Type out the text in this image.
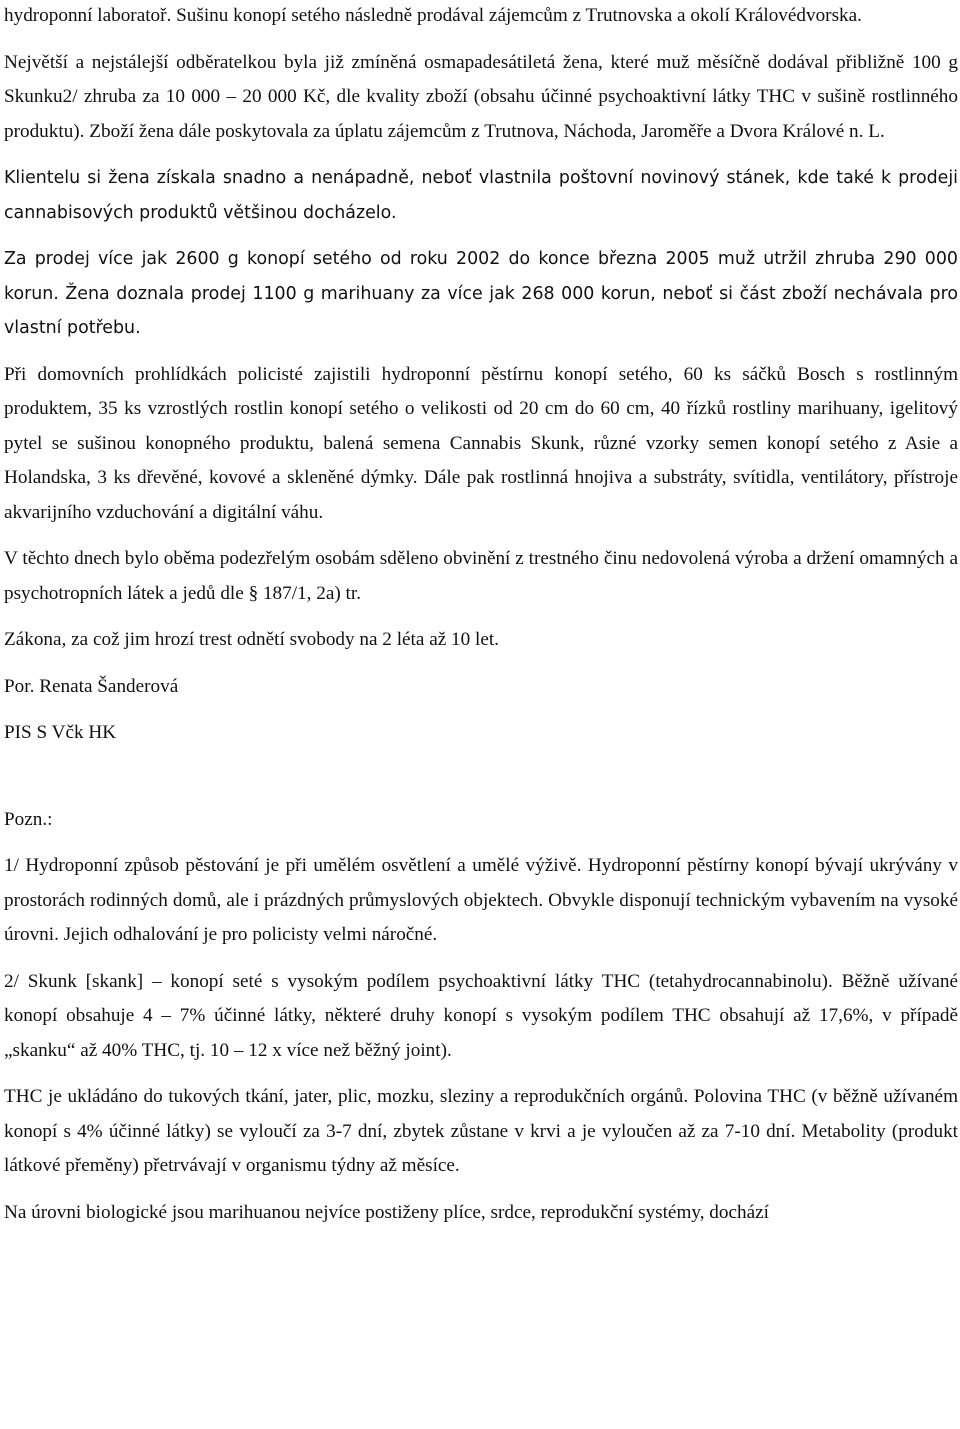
hydroponní laboratoř. Sušinu konopí setého následně prodával zájemcům z Trutnovska a okolí Královédvorska.

Největší a nejstálejší odběratelkou byla již zmíněná osmapadesátiletá žena, které muž měsíčně dodával přibližně 100 g Skunku2/ zhruba za 10 000 – 20 000 Kč, dle kvality zboží (obsahu účinné psychoaktivní látky THC v sušině rostlinného produktu). Zboží žena dále poskytovala za úplatu zájemcům z Trutnova, Náchoda, Jaroměře a Dvora Králové n. L.

Klientelu si žena získala snadno a nenápadně, neboť vlastnila poštovní novinový stánek, kde také k prodeji cannabisových produktů většinou docházelo.

Za prodej více jak 2600 g konopí setého od roku 2002 do konce března 2005 muž utržil zhruba 290 000 korun. Žena doznala prodej 1100 g marihuany za více jak 268 000 korun, neboť si část zboží nechávala pro vlastní potřebu.

Při domovních prohlídkách policisté zajistili hydroponní pěstírnu konopí setého, 60 ks sáčků Bosch s rostlinným produktem, 35 ks vzrostlých rostlin konopí setého o velikosti od 20 cm do 60 cm, 40 řízků rostliny marihuany, igelitový pytel se sušinou konopného produktu, balená semena Cannabis Skunk, různé vzorky semen konopí setého z Asie a Holandska, 3 ks dřevěné, kovové a skleněné dýmky. Dále pak rostlinná hnojiva a substráty, svítidla, ventilátory, přístroje akvarijního vzduchování a digitální váhu.

V těchto dnech bylo oběma podezřelým osobám sděleno obvinění z trestného činu nedovolená výroba a držení omamných a psychotropních látek a jedů dle § 187/1, 2a) tr.

Zákona, za což jim hrozí trest odnětí svobody na 2 léta až 10 let.

Por. Renata Šanderová

PIS S Včk HK

Pozn.:

1/ Hydroponní způsob pěstování je při umělém osvětlení a umělé výživě. Hydroponní pěstírny konopí bývají ukrývány v prostorách rodinných domů, ale i prázdných průmyslových objektech. Obvykle disponují technickým vybavením na vysoké úrovni. Jejich odhalování je pro policisty velmi náročné.

2/ Skunk [skank] – konopí seté s vysokým podílem psychoaktivní látky THC (tetahydrocannabinolu). Běžně užívané konopí obsahuje 4 – 7% účinné látky, některé druhy konopí s vysokým podílem THC obsahují až 17,6%, v případě „skanku“ až 40% THC, tj. 10 – 12 x více než běžný joint).

THC je ukládáno do tukových tkání, jater, plic, mozku, sleziny a reprodukčních orgánů. Polovina THC (v běžně užívaném konopí s 4% účinné látky) se vyloučí za 3-7 dní, zbytek zůstane v krvi a je vyloučen až za 7-10 dní. Metabolity (produkt látkové přeměny) přetrvávají v organismu týdny až měsíce.

Na úrovni biologické jsou marihuanou nejvíce postiženy plíce, srdce, reprodukční systémy, dochází
